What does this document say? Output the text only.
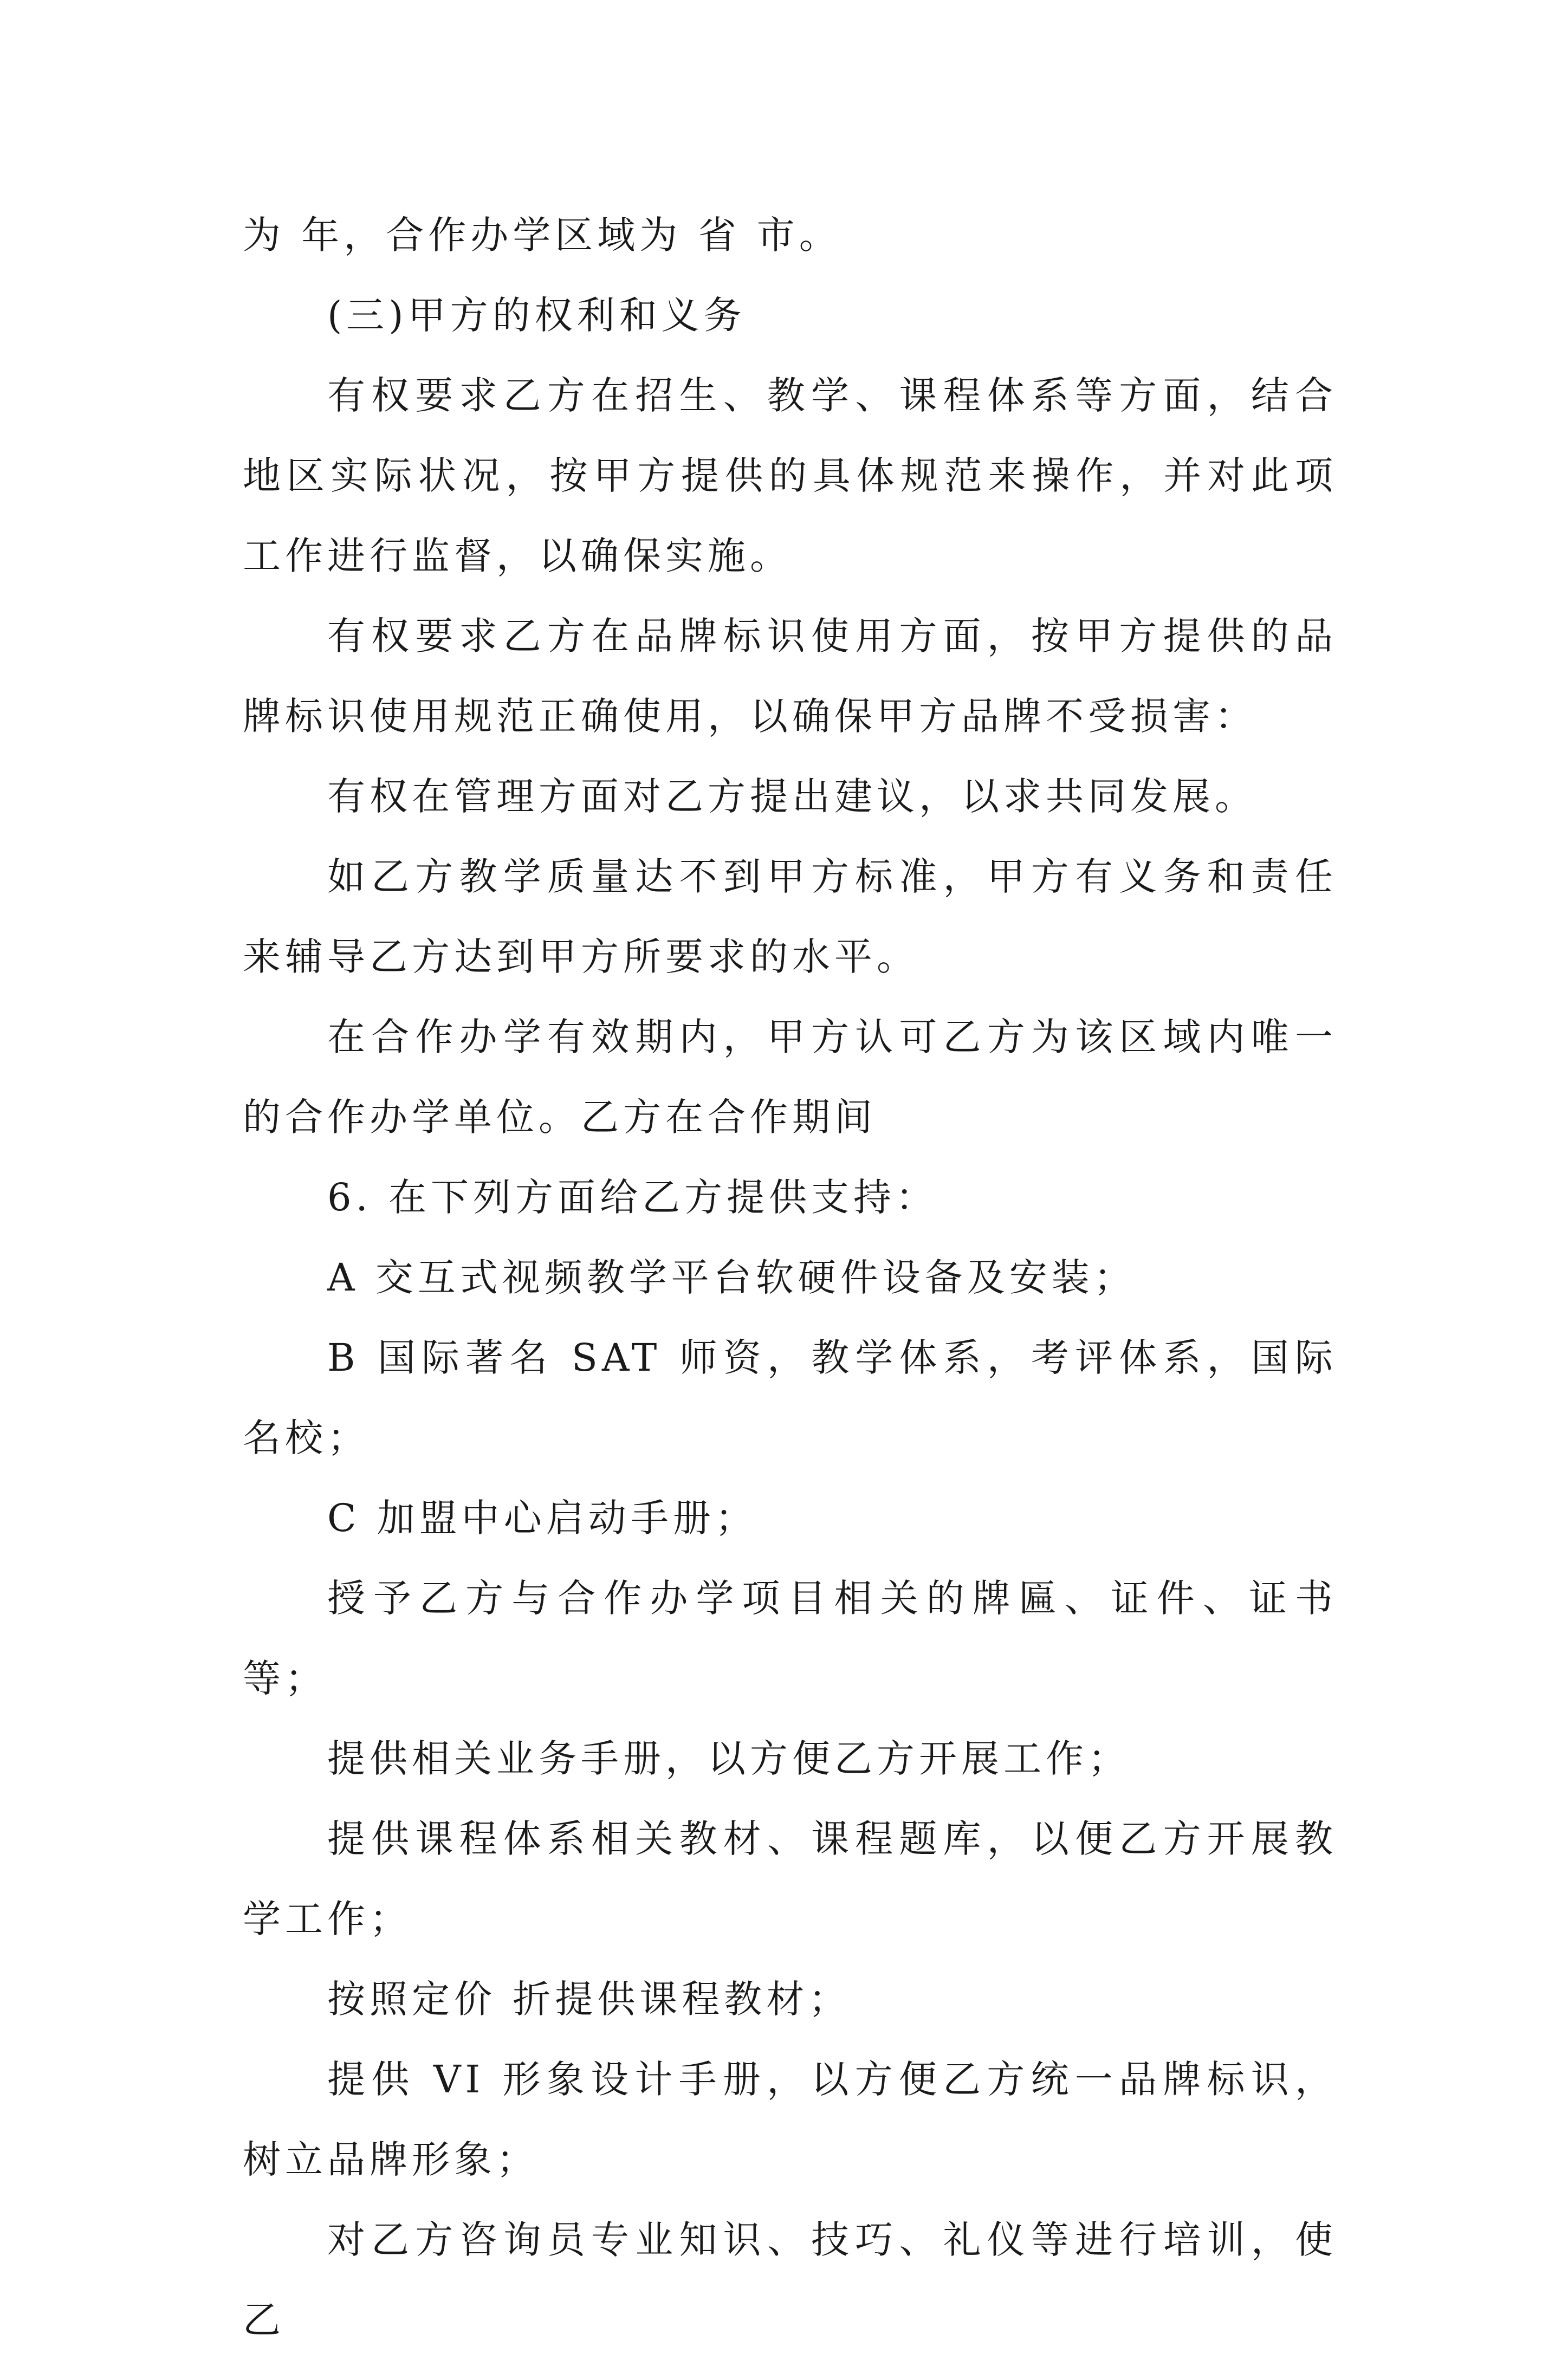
为 年，合作办学区域为 省 市。

(三)甲方的权利和义务

有权要求乙方在招生、教学、课程体系等方面，结合地区实际状况，按甲方提供的具体规范来操作，并对此项工作进行监督，以确保实施。

有权要求乙方在品牌标识使用方面，按甲方提供的品牌标识使用规范正确使用，以确保甲方品牌不受损害：

有权在管理方面对乙方提出建议，以求共同发展。

如乙方教学质量达不到甲方标准，甲方有义务和责任来辅导乙方达到甲方所要求的水平。

在合作办学有效期内，甲方认可乙方为该区域内唯一的合作办学单位。乙方在合作期间

6. 在下列方面给乙方提供支持：

A 交互式视频教学平台软硬件设备及安装；

B 国际著名 SAT 师资，教学体系，考评体系，国际名校；

C 加盟中心启动手册；

授予乙方与合作办学项目相关的牌匾、证件、证书等；

提供相关业务手册，以方便乙方开展工作；

提供课程体系相关教材、课程题库，以便乙方开展教学工作；

按照定价 折提供课程教材；

提供 VI 形象设计手册，以方便乙方统一品牌标识，树立品牌形象；

对乙方咨询员专业知识、技巧、礼仪等进行培训，使乙
